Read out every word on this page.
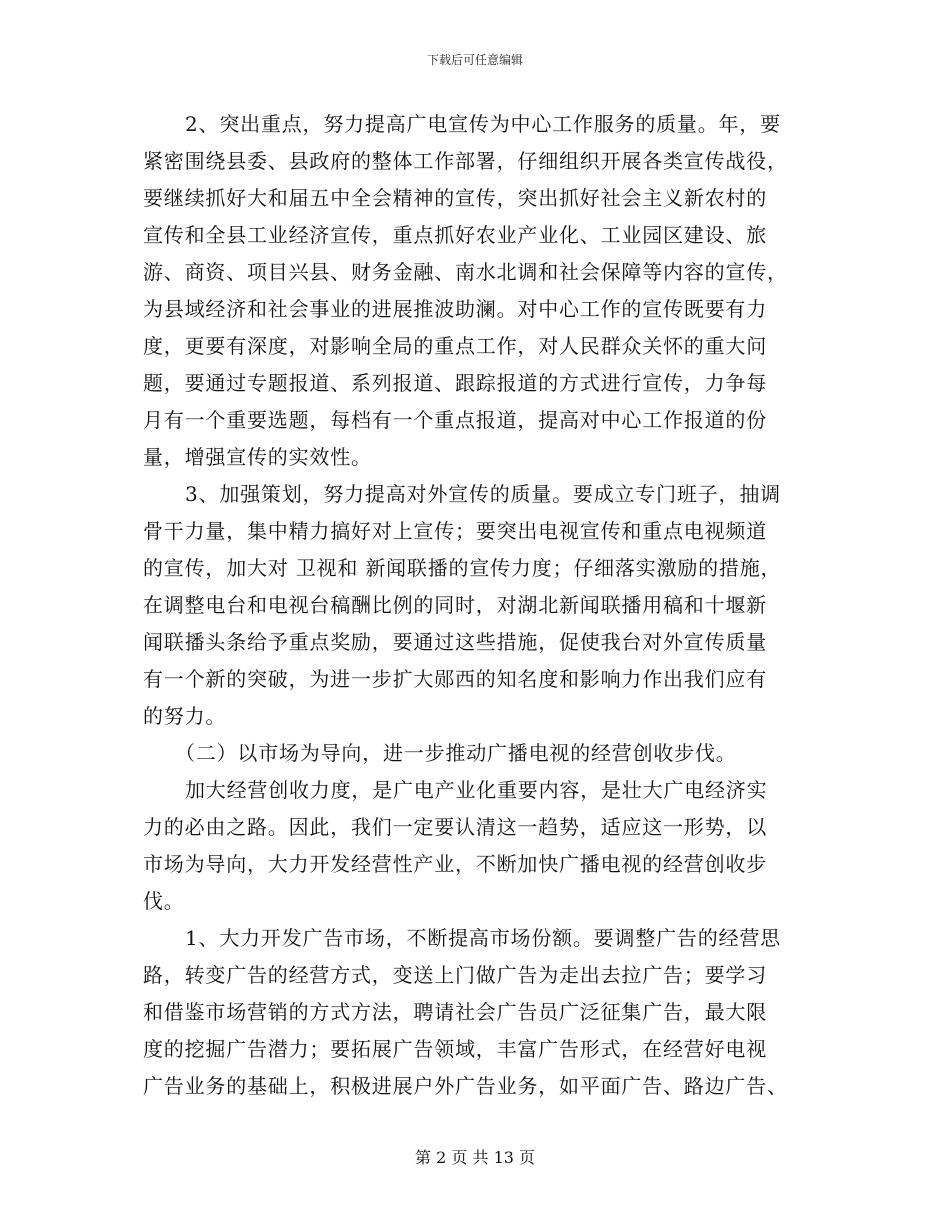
下载后可任意编辑
2、突出重点，努力提高广电宣传为中心工作服务的质量。年，要
紧密围绕县委、县政府的整体工作部署，仔细组织开展各类宣传战役，
要继续抓好大和届五中全会精神的宣传，突出抓好社会主义新农村的
宣传和全县工业经济宣传，重点抓好农业产业化、工业园区建设、旅
游、商资、项目兴县、财务金融、南水北调和社会保障等内容的宣传，
为县域经济和社会事业的进展推波助澜。对中心工作的宣传既要有力
度，更要有深度，对影响全局的重点工作，对人民群众关怀的重大问
题，要通过专题报道、系列报道、跟踪报道的方式进行宣传，力争每
月有一个重要选题，每档有一个重点报道，提高对中心工作报道的份
量，增强宣传的实效性。
3、加强策划，努力提高对外宣传的质量。要成立专门班子，抽调
骨干力量，集中精力搞好对上宣传；要突出电视宣传和重点电视频道
的宣传，加大对 卫视和 新闻联播的宣传力度；仔细落实激励的措施，
在调整电台和电视台稿酬比例的同时，对湖北新闻联播用稿和十堰新
闻联播头条给予重点奖励，要通过这些措施，促使我台对外宣传质量
有一个新的突破，为进一步扩大郧西的知名度和影响力作出我们应有
的努力。
（二）以市场为导向，进一步推动广播电视的经营创收步伐。
加大经营创收力度，是广电产业化重要内容，是壮大广电经济实
力的必由之路。因此，我们一定要认清这一趋势，适应这一形势，以
市场为导向，大力开发经营性产业，不断加快广播电视的经营创收步
伐。
1、大力开发广告市场，不断提高市场份额。要调整广告的经营思
路，转变广告的经营方式，变送上门做广告为走出去拉广告；要学习
和借鉴市场营销的方式方法，聘请社会广告员广泛征集广告，最大限
度的挖掘广告潜力；要拓展广告领域，丰富广告形式，在经营好电视
广告业务的基础上，积极进展户外广告业务，如平面广告、路边广告、
第 2 页 共 13 页
